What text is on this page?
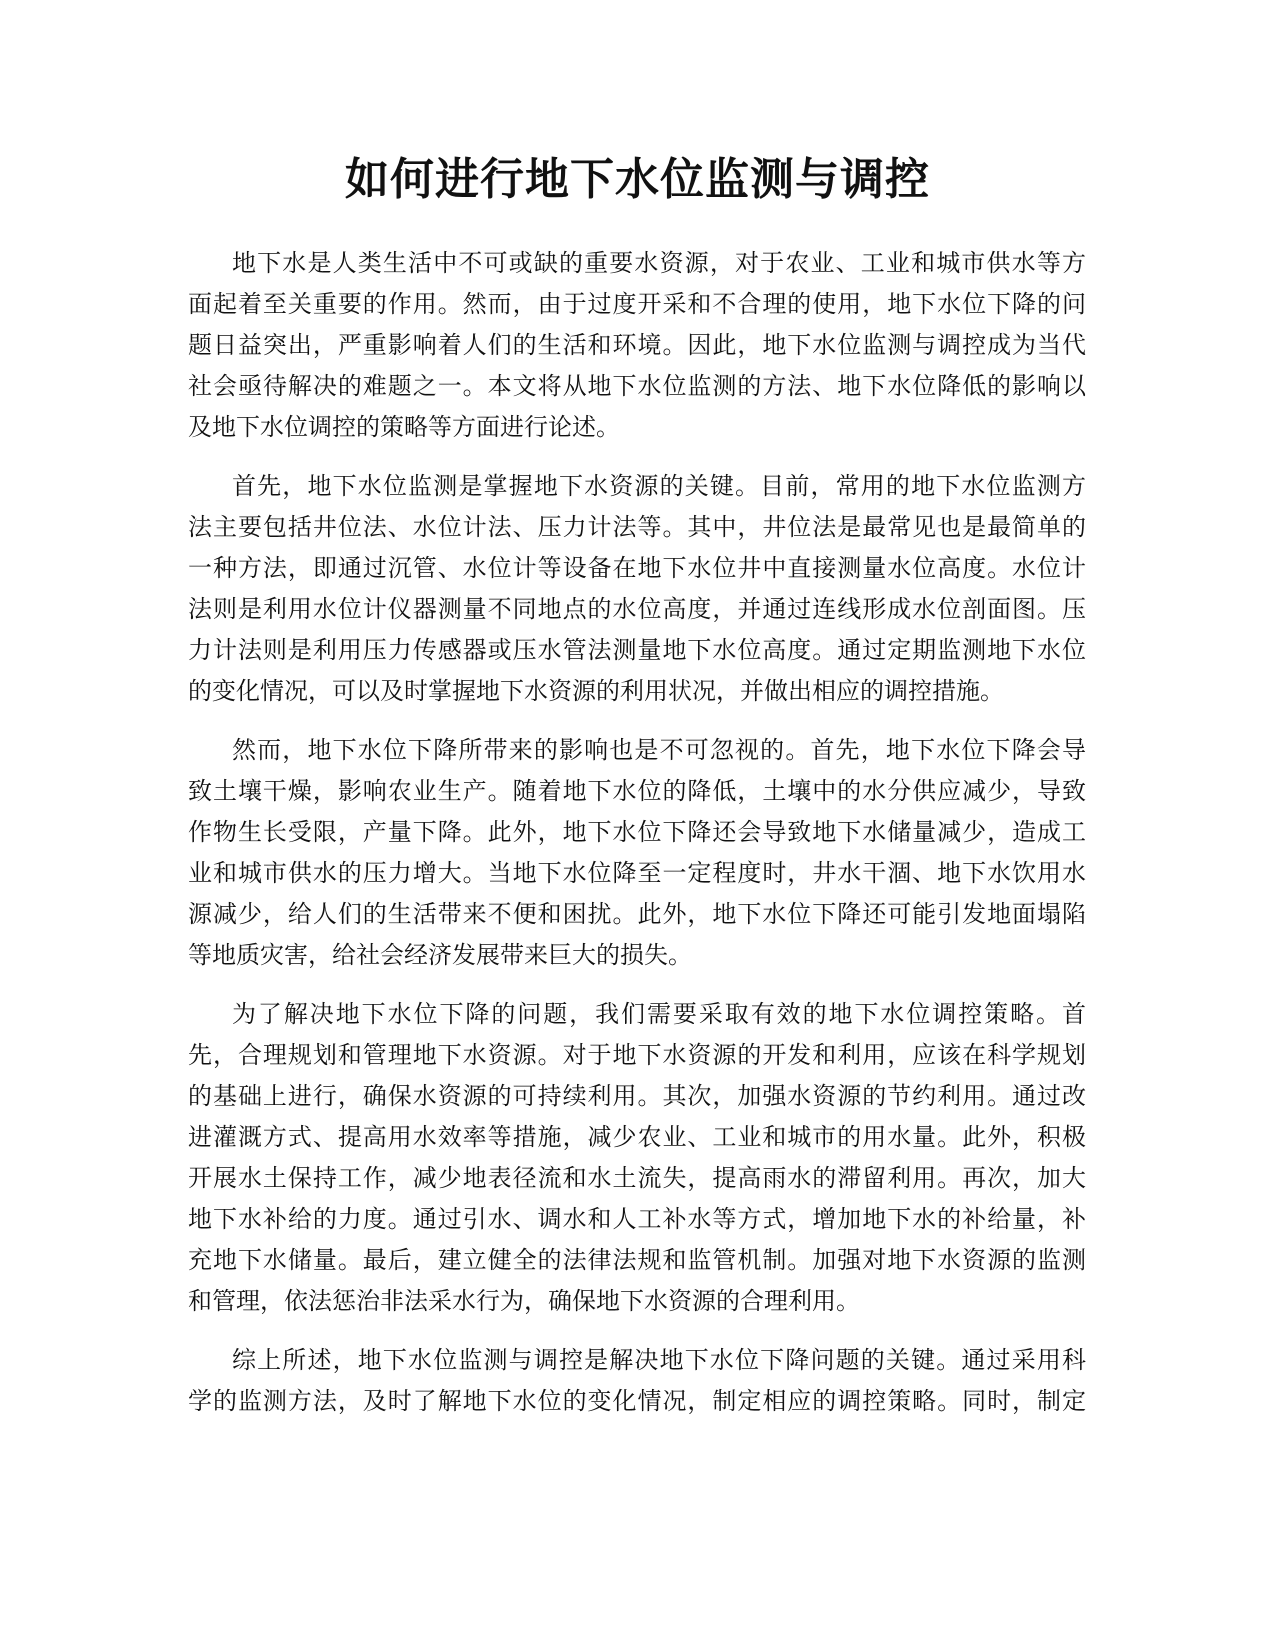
如何进行地下水位监测与调控
地下水是人类生活中不可或缺的重要水资源，对于农业、工业和城市供水等方
面起着至关重要的作用。然而，由于过度开采和不合理的使用，地下水位下降的问
题日益突出，严重影响着人们的生活和环境。因此，地下水位监测与调控成为当代
社会亟待解决的难题之一。本文将从地下水位监测的方法、地下水位降低的影响以
及地下水位调控的策略等方面进行论述。
首先，地下水位监测是掌握地下水资源的关键。目前，常用的地下水位监测方
法主要包括井位法、水位计法、压力计法等。其中，井位法是最常见也是最简单的
一种方法，即通过沉管、水位计等设备在地下水位井中直接测量水位高度。水位计
法则是利用水位计仪器测量不同地点的水位高度，并通过连线形成水位剖面图。压
力计法则是利用压力传感器或压水管法测量地下水位高度。通过定期监测地下水位
的变化情况，可以及时掌握地下水资源的利用状况，并做出相应的调控措施。
然而，地下水位下降所带来的影响也是不可忽视的。首先，地下水位下降会导
致土壤干燥，影响农业生产。随着地下水位的降低，土壤中的水分供应减少，导致
作物生长受限，产量下降。此外，地下水位下降还会导致地下水储量减少，造成工
业和城市供水的压力增大。当地下水位降至一定程度时，井水干涸、地下水饮用水
源减少，给人们的生活带来不便和困扰。此外，地下水位下降还可能引发地面塌陷
等地质灾害，给社会经济发展带来巨大的损失。
为了解决地下水位下降的问题，我们需要采取有效的地下水位调控策略。首
先，合理规划和管理地下水资源。对于地下水资源的开发和利用，应该在科学规划
的基础上进行，确保水资源的可持续利用。其次，加强水资源的节约利用。通过改
进灌溉方式、提高用水效率等措施，减少农业、工业和城市的用水量。此外，积极
开展水土保持工作，减少地表径流和水土流失，提高雨水的滞留利用。再次，加大
地下水补给的力度。通过引水、调水和人工补水等方式，增加地下水的补给量，补
充地下水储量。最后，建立健全的法律法规和监管机制。加强对地下水资源的监测
和管理，依法惩治非法采水行为，确保地下水资源的合理利用。
综上所述，地下水位监测与调控是解决地下水位下降问题的关键。通过采用科
学的监测方法，及时了解地下水位的变化情况，制定相应的调控策略。同时，制定
